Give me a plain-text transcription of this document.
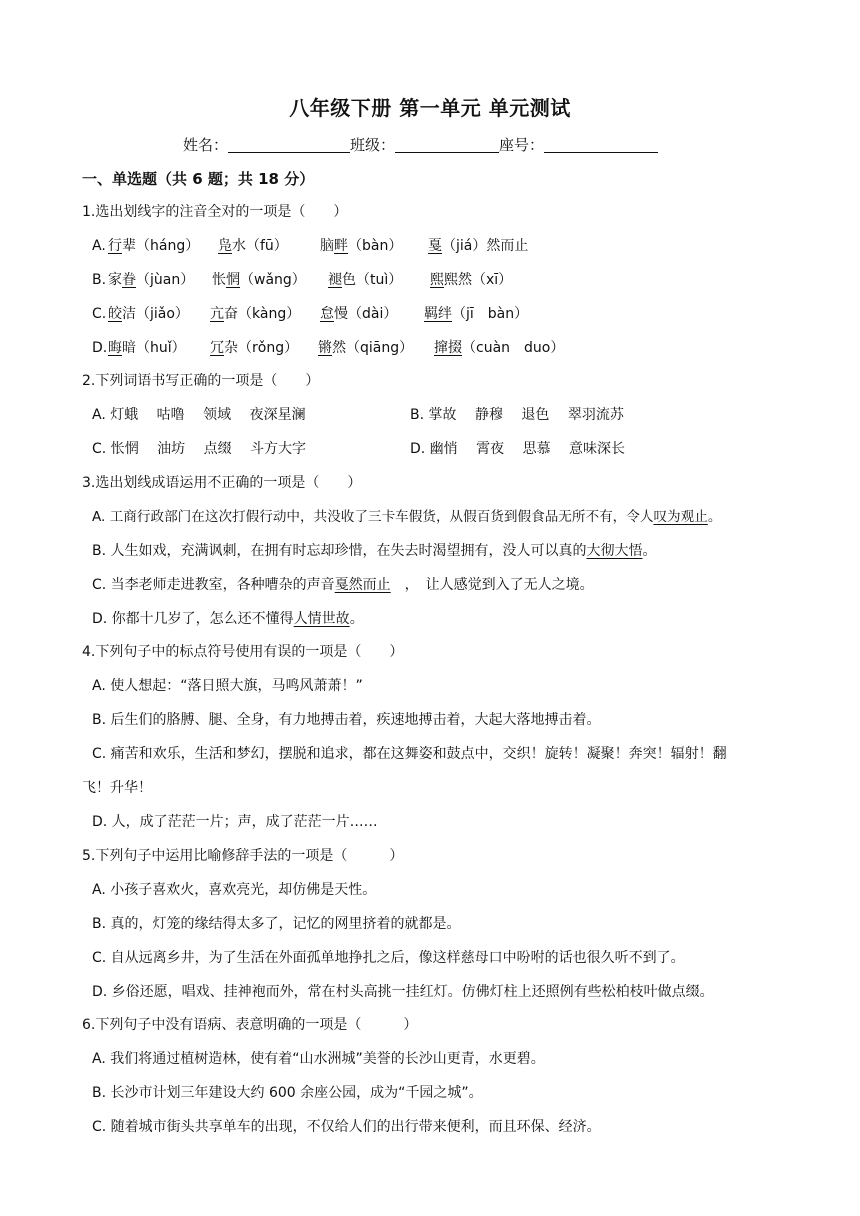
八年级下册 第一单元 单元测试
姓名：	班级：	座号：
一、单选题（共 6 题；共 18 分）
1.选出划线字的注音全对的一项是（　　）
A. 行辈（háng） 凫水（fū） 脑畔（bàn） 戛（jiá）然而止
B. 家眷（jùan） 怅惘（wǎng） 褪色（tuì） 熙熙然（xī）
C. 皎洁（jiǎo） 亢奋（kàng） 怠慢（dài） 羁绊（jī　bàn）
D. 晦暗（huǐ） 冗杂（rǒng） 锵然（qiāng） 撺掇（cuàn　duo）
2.下列词语书写正确的一项是（　　）
A. 灯蛾　 咕噜　 领域　 夜深星澜	B. 掌故　 静穆　 退色　 翠羽流苏
C. 怅惘　 油坊　 点缀　 斗方大字	D. 幽悄　 霄夜　 思慕　 意味深长
3.选出划线成语运用不正确的一项是（　　）
A. 工商行政部门在这次打假行动中，共没收了三卡车假货，从假百货到假食品无所不有，令人叹为观止。
B. 人生如戏，充满讽刺，在拥有时忘却珍惜，在失去时渴望拥有，没人可以真的大彻大悟。
C. 当李老师走进教室，各种嘈杂的声音戛然而止　，　让人感觉到入了无人之境。
D. 你都十几岁了，怎么还不懂得人情世故。
4.下列句子中的标点符号使用有误的一项是（　　）
A. 使人想起：“落日照大旗，马鸣风萧萧！”
B. 后生们的胳膊、腿、全身，有力地搏击着，疾速地搏击着，大起大落地搏击着。
C. 痛苦和欢乐，生活和梦幻，摆脱和追求，都在这舞姿和鼓点中，交织！旋转！凝聚！奔突！辐射！翻
飞！升华！
D. 人，成了茫茫一片；声，成了茫茫一片……
5.下列句子中运用比喻修辞手法的一项是（　　　）
A. 小孩子喜欢火，喜欢亮光，却仿佛是天性。
B. 真的，灯笼的缘结得太多了，记忆的网里挤着的就都是。
C. 自从远离乡井，为了生活在外面孤单地挣扎之后，像这样慈母口中吩咐的话也很久听不到了。
D. 乡俗还愿，唱戏、挂神袍而外，常在村头高挑一挂红灯。仿佛灯柱上还照例有些松柏枝叶做点缀。
6.下列句子中没有语病、表意明确的一项是（　　　）
A. 我们将通过植树造林，使有着“山水洲城”美誉的长沙山更青，水更碧。
B. 长沙市计划三年建设大约 600 余座公园，成为“千园之城”。
C. 随着城市街头共享单车的出现，不仅给人们的出行带来便利，而且环保、经济。
